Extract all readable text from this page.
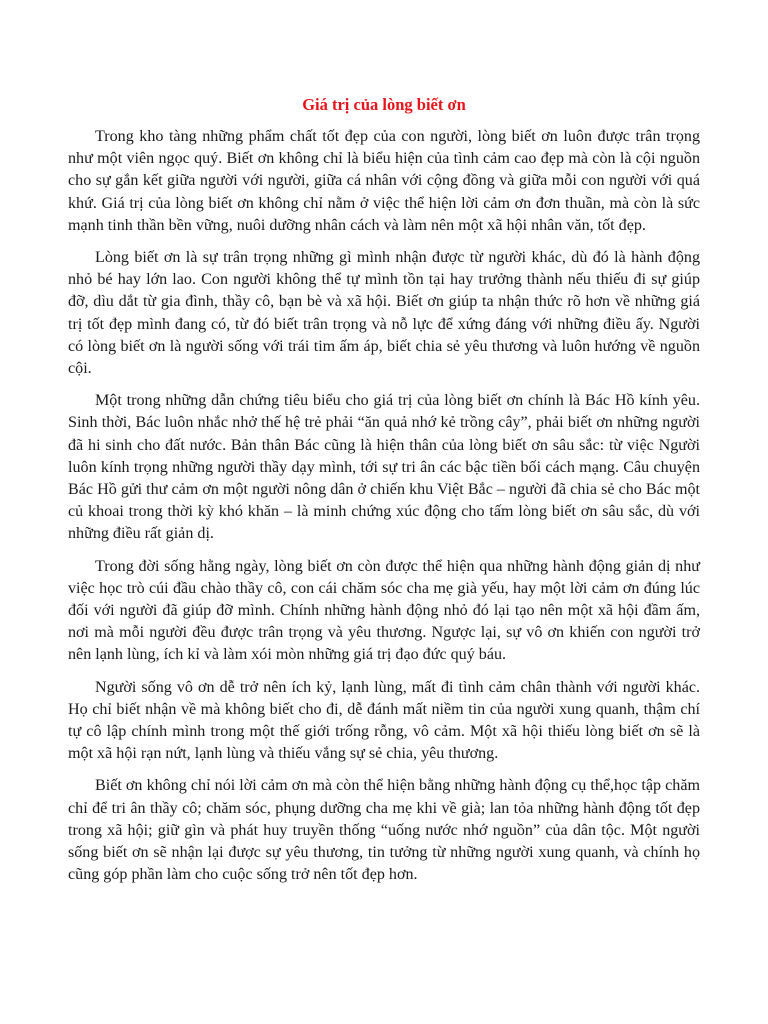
Giá trị của lòng biết ơn

Trong kho tàng những phẩm chất tốt đẹp của con người, lòng biết ơn luôn được trân trọng như một viên ngọc quý. Biết ơn không chỉ là biểu hiện của tình cảm cao đẹp mà còn là cội nguồn cho sự gắn kết giữa người với người, giữa cá nhân với cộng đồng và giữa mỗi con người với quá khứ. Giá trị của lòng biết ơn không chỉ nằm ở việc thể hiện lời cảm ơn đơn thuần, mà còn là sức mạnh tinh thần bền vững, nuôi dưỡng nhân cách và làm nên một xã hội nhân văn, tốt đẹp.

Lòng biết ơn là sự trân trọng những gì mình nhận được từ người khác, dù đó là hành động nhỏ bé hay lớn lao. Con người không thể tự mình tồn tại hay trưởng thành nếu thiếu đi sự giúp đỡ, dìu dắt từ gia đình, thầy cô, bạn bè và xã hội. Biết ơn giúp ta nhận thức rõ hơn về những giá trị tốt đẹp mình đang có, từ đó biết trân trọng và nỗ lực để xứng đáng với những điều ấy. Người có lòng biết ơn là người sống với trái tim ấm áp, biết chia sẻ yêu thương và luôn hướng về nguồn cội.

Một trong những dẫn chứng tiêu biểu cho giá trị của lòng biết ơn chính là Bác Hồ kính yêu. Sinh thời, Bác luôn nhắc nhở thế hệ trẻ phải “ăn quả nhớ kẻ trồng cây”, phải biết ơn những người đã hi sinh cho đất nước. Bản thân Bác cũng là hiện thân của lòng biết ơn sâu sắc: từ việc Người luôn kính trọng những người thầy dạy mình, tới sự tri ân các bậc tiền bối cách mạng. Câu chuyện Bác Hồ gửi thư cảm ơn một người nông dân ở chiến khu Việt Bắc – người đã chia sẻ cho Bác một củ khoai trong thời kỳ khó khăn – là minh chứng xúc động cho tấm lòng biết ơn sâu sắc, dù với những điều rất giản dị.

Trong đời sống hằng ngày, lòng biết ơn còn được thể hiện qua những hành động giản dị như việc học trò cúi đầu chào thầy cô, con cái chăm sóc cha mẹ già yếu, hay một lời cảm ơn đúng lúc đối với người đã giúp đỡ mình. Chính những hành động nhỏ đó lại tạo nên một xã hội đầm ấm, nơi mà mỗi người đều được trân trọng và yêu thương. Ngược lại, sự vô ơn khiến con người trở nên lạnh lùng, ích kỉ và làm xói mòn những giá trị đạo đức quý báu.

Người sống vô ơn dễ trở nên ích kỷ, lạnh lùng, mất đi tình cảm chân thành với người khác. Họ chỉ biết nhận về mà không biết cho đi, dễ đánh mất niềm tin của người xung quanh, thậm chí tự cô lập chính mình trong một thế giới trống rỗng, vô cảm. Một xã hội thiếu lòng biết ơn sẽ là một xã hội rạn nứt, lạnh lùng và thiếu vắng sự sẻ chia, yêu thương.

Biết ơn không chỉ nói lời cảm ơn mà còn thể hiện bằng những hành động cụ thể,học tập chăm chỉ để tri ân thầy cô; chăm sóc, phụng dưỡng cha mẹ khi về già; lan tỏa những hành động tốt đẹp trong xã hội; giữ gìn và phát huy truyền thống “uống nước nhớ nguồn” của dân tộc. Một người sống biết ơn sẽ nhận lại được sự yêu thương, tin tưởng từ những người xung quanh, và chính họ cũng góp phần làm cho cuộc sống trở nên tốt đẹp hơn.
